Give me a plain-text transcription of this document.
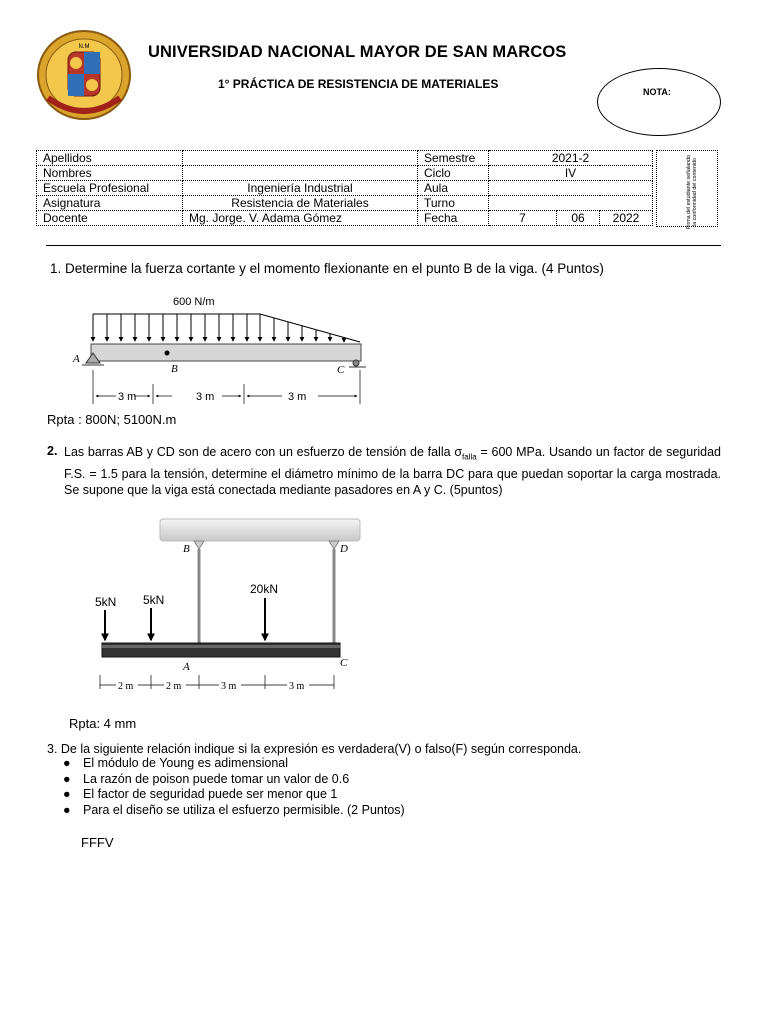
N.M	UNIVERSIDAD NACIONAL MAYOR DE SAN MARCOS
1° PRÁCTICA DE RESISTENCIA DE MATERIALES
NOTA:
Apellidos		Semestre	2021-2		
Nombres		Ciclo	IV		
Escuela Profesional	Ingeniería Industrial	Aula			
Asignatura	Resistencia de Materiales	Turno			
Docente	Mg. Jorge. V. Adama Gómez	Fecha	7	06	2022	Firma del estudiante señalando la conformidad del contenido
1. Determine la fuerza cortante y el momento flexionante en el punto B de la viga. (4 Puntos)
600 N/m
A
B	C
3 m	3 m	3 m
Rpta : 800N; 5100N.m
2. Las barras AB y CD son de acero con un esfuerzo de tensión de falla $\sigma_{falla} = 600$ MPa. Usando un factor de seguridad F.S. = 1.5 para la tensión, determine el diámetro mínimo de la barra DC para que puedan soportar la carga mostrada. Se supone que la viga está conectada mediante pasadores en A y C. (5puntos)
B	D
5kN 5kN
20kN
A	C
2 m	2 m	3 m	3 m
Rpta: 4 mm
3. De la siguiente relación indique si la expresión es verdadera(V) o falso(F) según corresponda.
● El módulo de Young es adimensional
● La razón de poison puede tomar un valor de 0.6
● El factor de seguridad puede ser menor que 1
● Para el diseño se utiliza el esfuerzo permisible. (2 Puntos)
FFFV
